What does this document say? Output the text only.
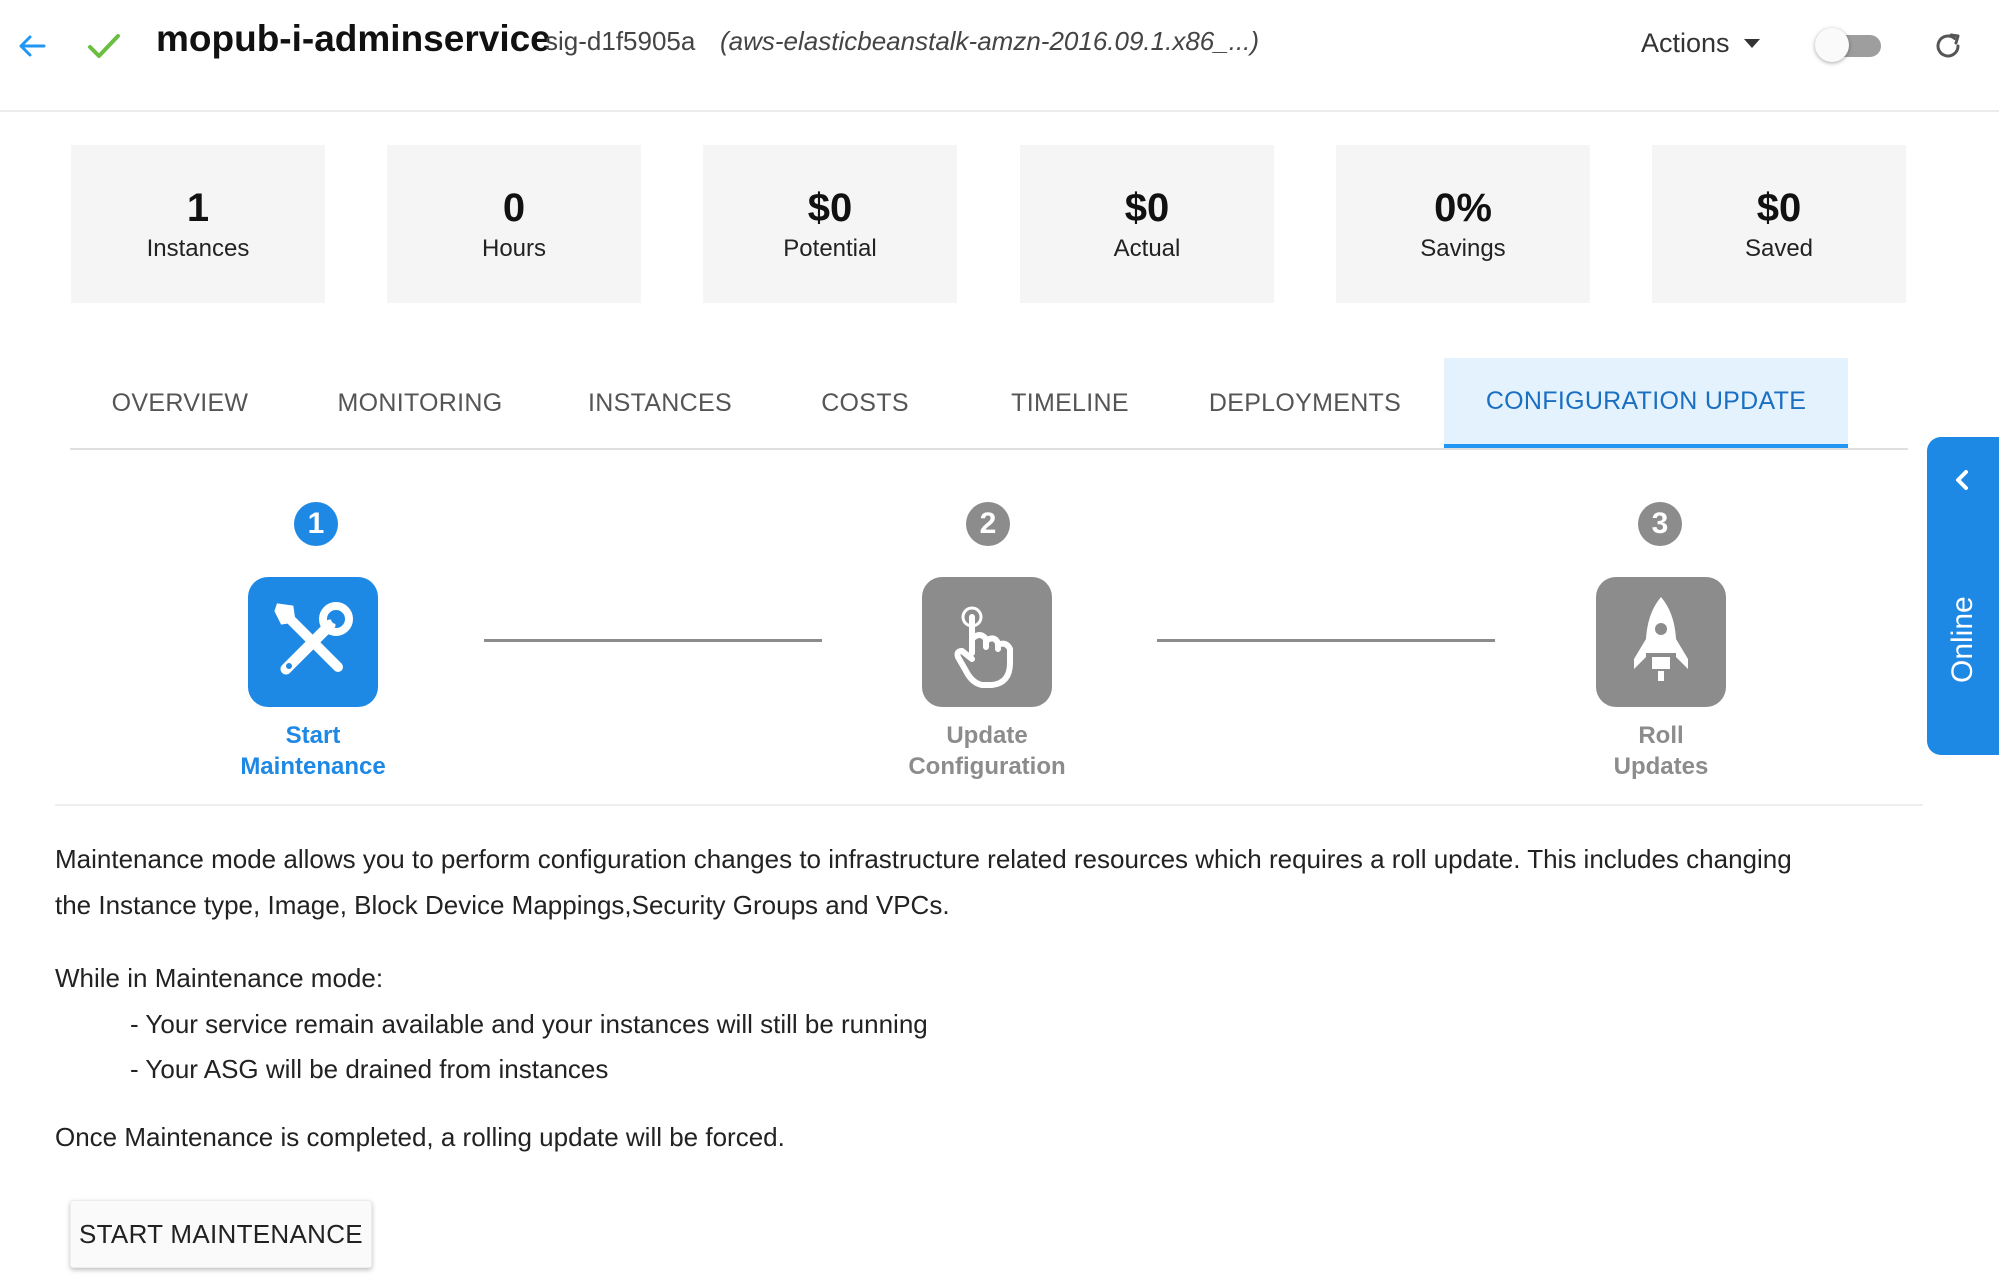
mopub-i-adminservice
sig-d1f5905a (aws-elasticbeanstalk-amzn-2016.09.1.x86_...)	Actions
1
Instances
0
Hours
$0
Potential
$0
Actual
0%
Savings
$0
Saved
OVERVIEW	MONITORING	INSTANCES	COSTS	TIMELINE	DEPLOYMENTS	CONFIGURATION UPDATE
1	2	3
Start
Maintenance
Update
Configuration
Roll
Updates
Maintenance mode allows you to perform configuration changes to infrastructure related resources which requires a roll update. This includes changing
the Instance type, Image, Block Device Mappings,Security Groups and VPCs.
While in Maintenance mode:
- Your service remain available and your instances will still be running
- Your ASG will be drained from instances
Once Maintenance is completed, a rolling update will be forced.
START MAINTENANCE
Online
